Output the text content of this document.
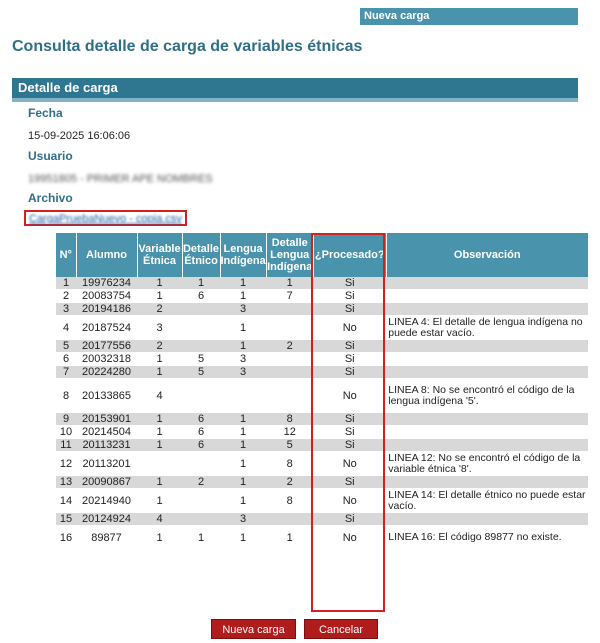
Nueva carga
Consulta detalle de carga de variables étnicas
Detalle de carga
Fecha
15-09-2025 16:06:06
Usuario
19951805 - PRIMER APE NOMBRES
Archivo
CargaPruebaNuevo - copia.csv
N°	Alumno	Variable Étnica	Detalle Étnico	Lengua Indígena	Detalle Lengua Indígena	¿Procesado?	Observación
1	19976234	1	1	1	1	Si	
2	20083754	1	6	1	7	Si	
3	20194186	2		3		Si	
4	20187524	3		1		No	LINEA 4: El detalle de lengua indígena no puede estar vacío.
5	20177556	2		1	2	Si	
6	20032318	1	5	3		Si	
7	20224280	1	5	3		Si	
8	20133865	4				No	LINEA 8: No se encontró el código de la lengua indígena '5'.
9	20153901	1	6	1	8	Si	
10	20214504	1	6	1	12	Si	
11	20113231	1	6	1	5	Si	
12	20113201			1	8	No	LINEA 12: No se encontró el código de la variable étnica '8'.
13	20090867	1	2	1	2	Si	
14	20214940	1		1	8	No	LINEA 14: El detalle étnico no puede estar vacío.
15	20124924	4		3		Si	
16	89877	1	1	1	1	No	LINEA 16: El código 89877 no existe.
Nueva carga	Cancelar
